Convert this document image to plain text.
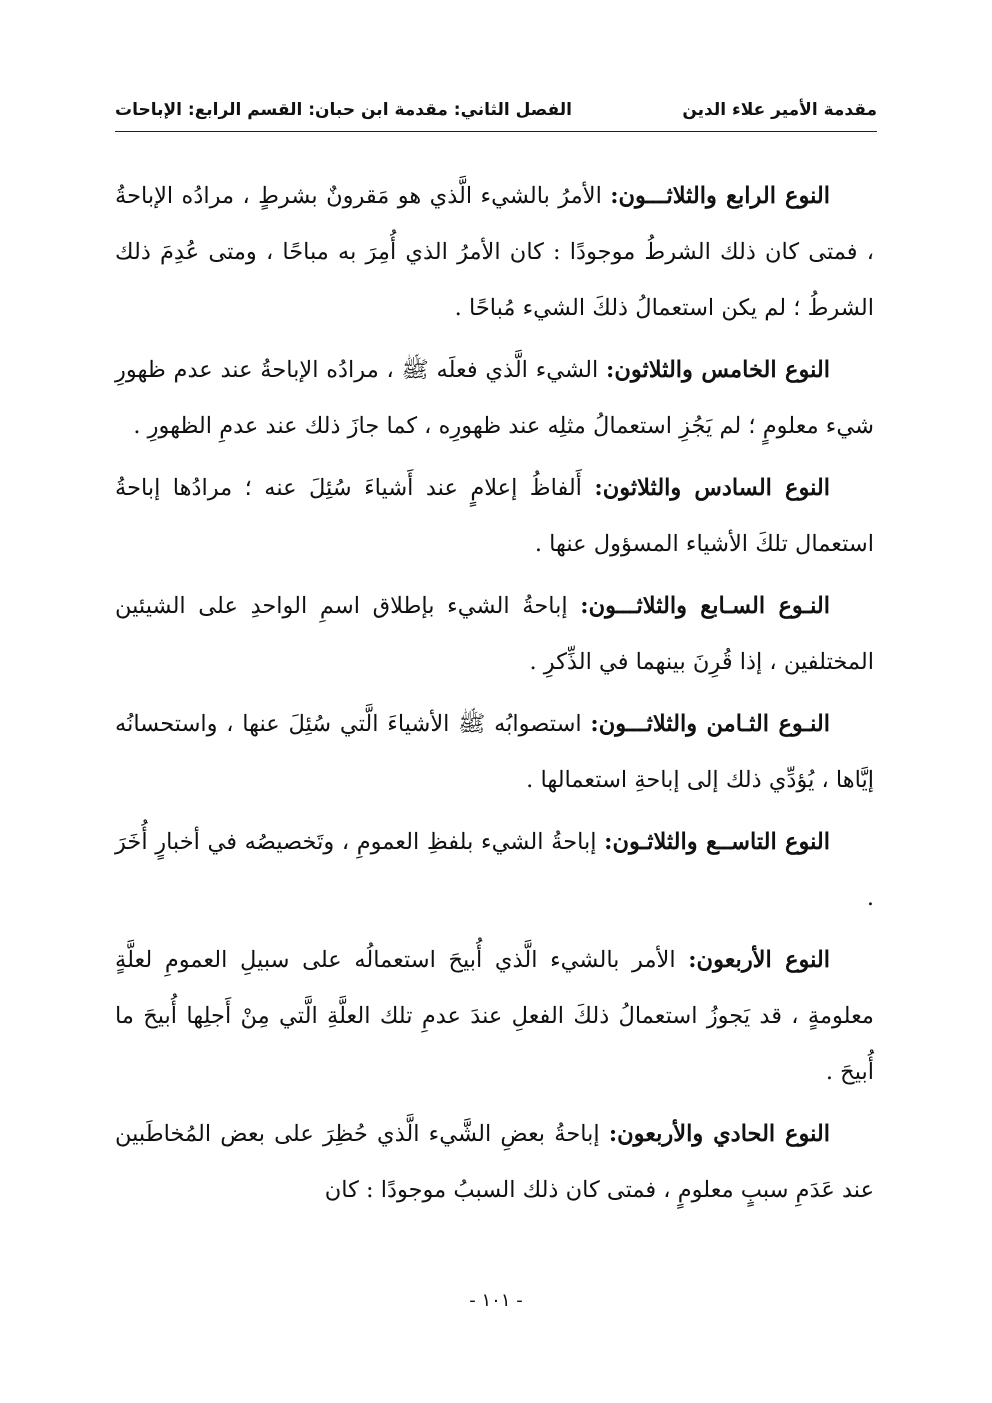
مقدمة الأمير علاء الدين
الفصل الثاني: مقدمة ابن حبان: القسم الرابع: الإباحات

النوع الرابع والثلاثـــون: الأمرُ بالشيء الَّذي هو مَقرونٌ بشرطٍ ، مرادُه الإباحةُ ، فمتى كان ذلك الشرطُ موجودًا : كان الأمرُ الذي أُمِرَ به مباحًا ، ومتى عُدِمَ ذلك الشرطُ ؛ لم يكن استعمالُ ذلكَ الشيء مُباحًا .

النوع الخامس والثلاثون: الشيء الَّذي فعلَه ﷺ ، مرادُه الإباحةُ عند عدم ظهورِ شيء معلومٍ ؛ لم يَجُزِ استعمالُ مثلِه عند ظهورِه ، كما جازَ ذلك عند عدمِ الظهورِ .

النوع السادس والثلاثون: أَلفاظُ إعلامٍ عند أَشياءَ سُئِلَ عنه ؛ مرادُها إباحةُ استعمال تلكَ الأشياء المسؤول عنها .

النـوع السـابع والثلاثـــون: إباحةُ الشيء بإطلاق اسمِ الواحدِ على الشيئين المختلفين ، إذا قُرِنَ بينهما في الذِّكرِ .

النـوع الثـامن والثلاثـــون: استصوابُه ﷺ الأشياءَ الَّتي سُئِلَ عنها ، واستحسانُه إيَّاها ، يُؤدِّي ذلك إلى إباحةِ استعمالها .

النوع التاســع والثلاثـون: إباحةُ الشيء بلفظِ العمومِ ، وتَخصيصُه في أخبارٍ أُخَرَ .

النوع الأربعون: الأمر بالشيء الَّذي أُبيحَ استعمالُه على سبيلِ العمومِ لعلَّةٍ معلومةٍ ، قد يَجوزُ استعمالُ ذلكَ الفعلِ عندَ عدمِ تلك العلَّةِ الَّتي مِنْ أَجلِها أُبيحَ ما أُبيحَ .

النوع الحادي والأربعون: إباحةُ بعضِ الشَّيء الَّذي حُظِرَ على بعض المُخاطَبين عند عَدَمِ سببٍ معلومٍ ، فمتى كان ذلك السببُ موجودًا : كان

- ١٠١ -
